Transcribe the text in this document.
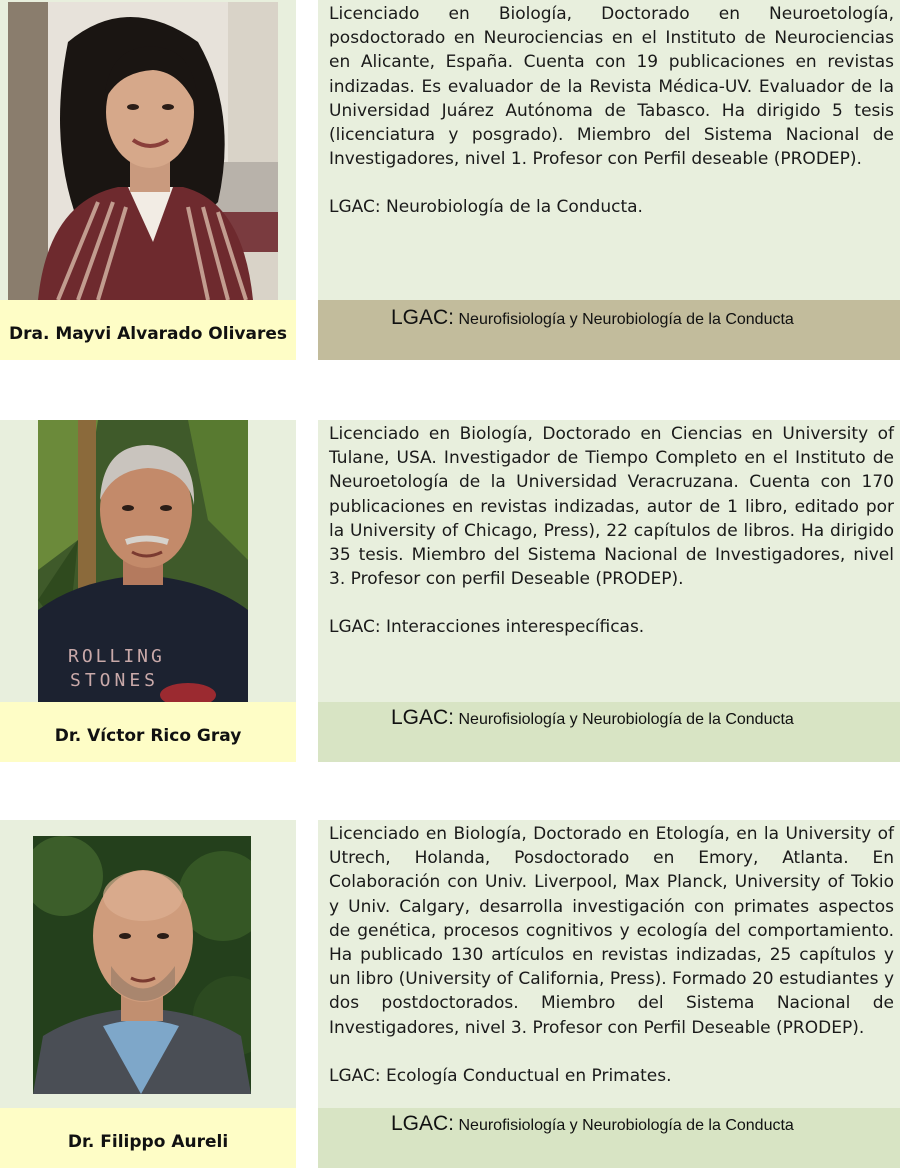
Dra. Mayvi Alvarado Olivares

Licenciado en Biología, Doctorado en Neuroetología, posdoctorado en Neurociencias en el Instituto de Neurociencias en Alicante, España. Cuenta con 19 publicaciones en revistas indizadas. Es evaluador de la Revista Médica-UV. Evaluador de la Universidad Juárez Autónoma de Tabasco. Ha dirigido 5 tesis (licenciatura y posgrado). Miembro del Sistema Nacional de Investigadores, nivel 1. Profesor con Perfil deseable (PRODEP).

LGAC: Neurobiología de la Conducta.

LGAC: Neurofisiología y Neurobiología de la Conducta
ROLLING
STONES
Dr. Víctor Rico Gray

Licenciado en Biología, Doctorado en Ciencias en University of Tulane, USA. Investigador de Tiempo Completo en el Instituto de Neuroetología de la Universidad Veracruzana. Cuenta con 170 publicaciones en revistas indizadas, autor de 1 libro, editado por la University of Chicago, Press), 22 capítulos de libros. Ha dirigido 35 tesis. Miembro del Sistema Nacional de Investigadores, nivel 3. Profesor con perfil Deseable (PRODEP).

LGAC: Interacciones interespecíficas.

LGAC: Neurofisiología y Neurobiología de la Conducta
Dr. Filippo Aureli

Licenciado en Biología, Doctorado en Etología, en la University of Utrech, Holanda, Posdoctorado en Emory, Atlanta. En Colaboración con Univ. Liverpool, Max Planck, University of Tokio y Univ. Calgary, desarrolla investigación con primates aspectos de genética, procesos cognitivos y ecología del comportamiento. Ha publicado 130 artículos en revistas indizadas, 25 capítulos y un libro (University of California, Press). Formado 20 estudiantes y dos postdoctorados. Miembro del Sistema Nacional de Investigadores, nivel 3. Profesor con Perfil Deseable (PRODEP).

LGAC: Ecología Conductual en Primates.

LGAC: Neurofisiología y Neurobiología de la Conducta
